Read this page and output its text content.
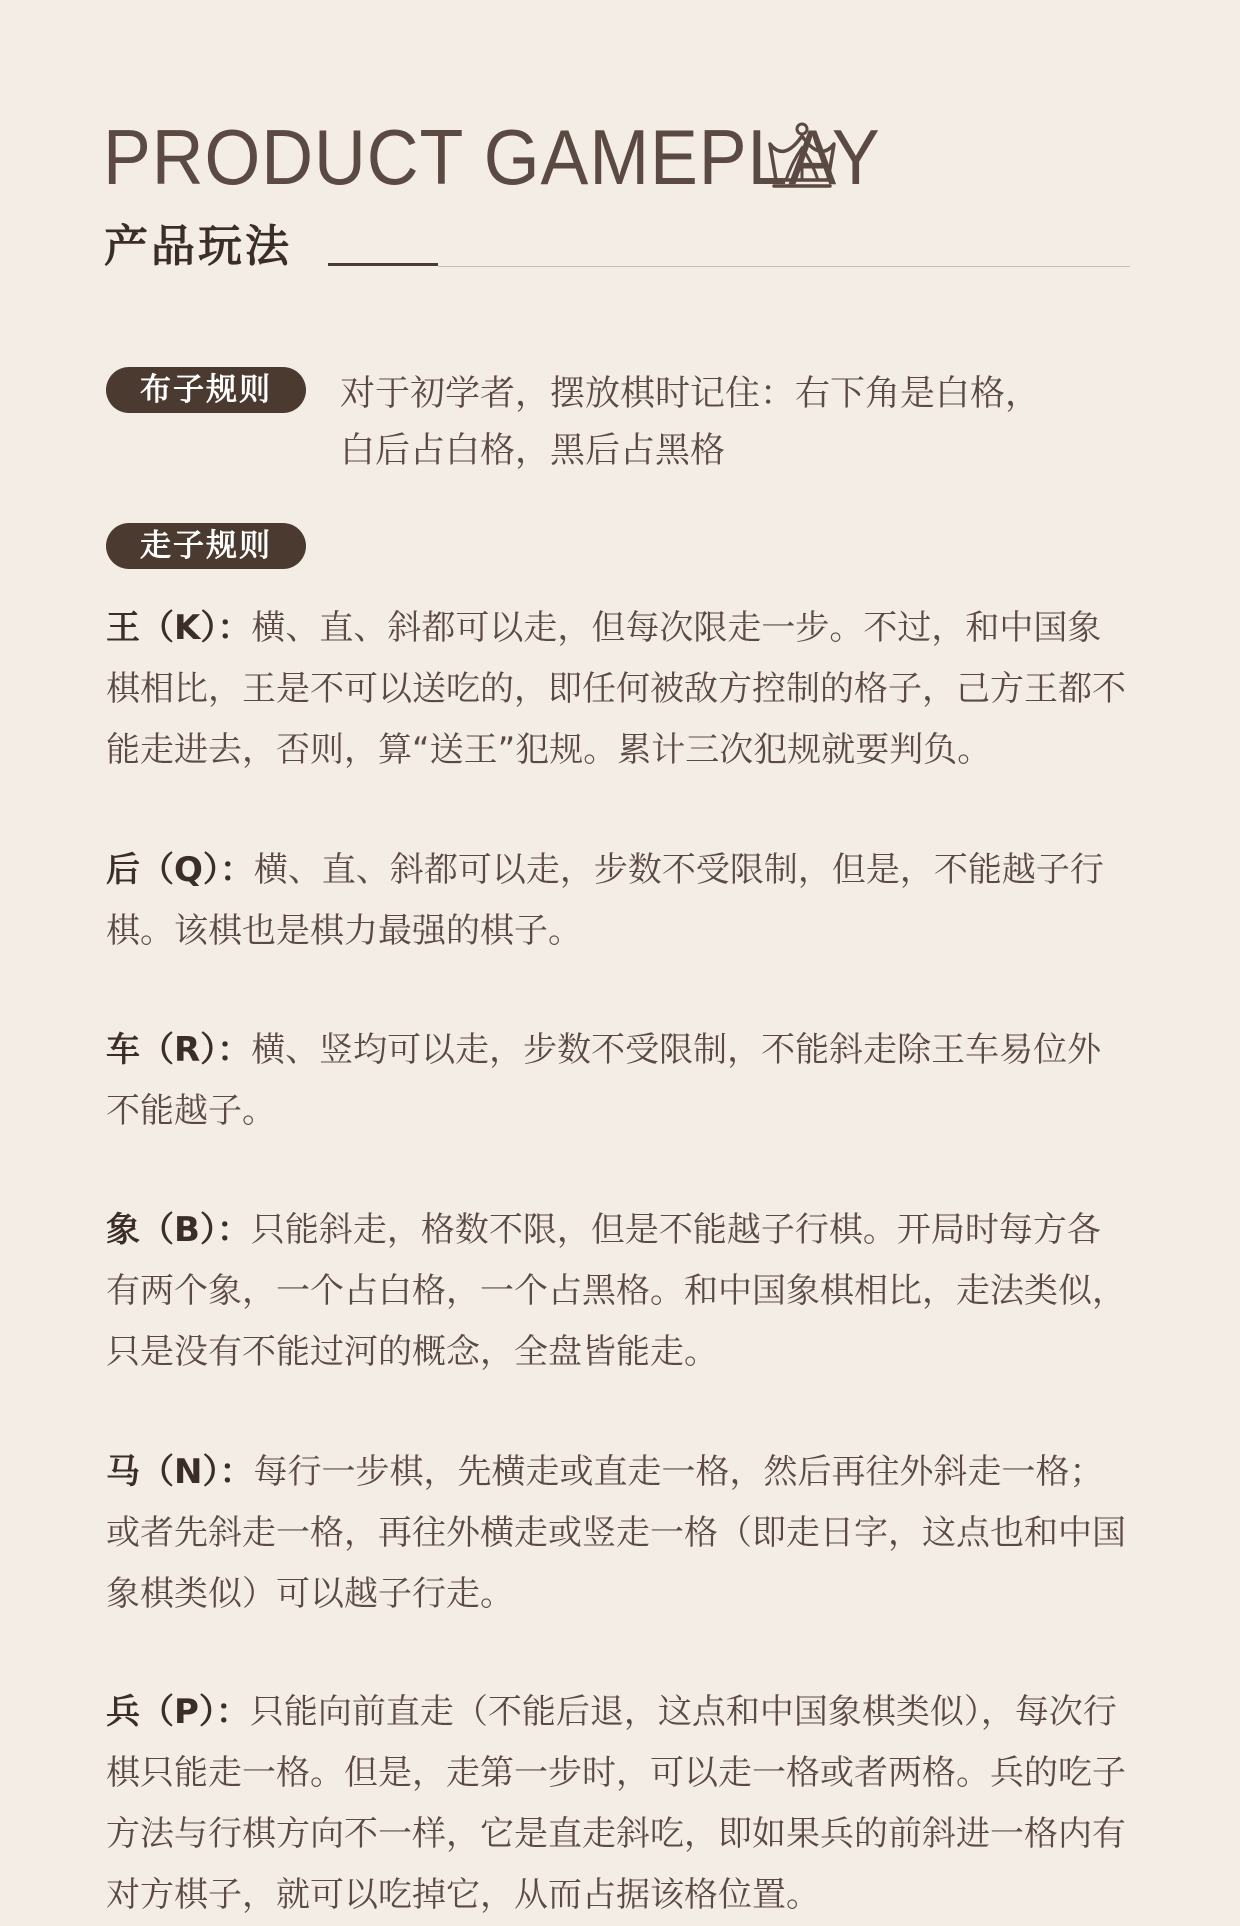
PRODUCT GAMEPLAY
产品玩法
布子规则	对于初学者，摆放棋时记住：右下角是白格，
白后占白格，黑后占黑格
走子规则
王（K）：横、直、斜都可以走，但每次限走一步。不过，和中国象棋相比，王是不可以送吃的，即任何被敌方控制的格子，己方王都不能走进去，否则，算“送王”犯规。累计三次犯规就要判负。
后（Q）：横、直、斜都可以走，步数不受限制，但是，不能越子行棋。该棋也是棋力最强的棋子。
车（R）：横、竖均可以走，步数不受限制，不能斜走除王车易位外不能越子。
象（B）：只能斜走，格数不限，但是不能越子行棋。开局时每方各有两个象，一个占白格，一个占黑格。和中国象棋相比，走法类似，只是没有不能过河的概念，全盘皆能走。
马（N）：每行一步棋，先横走或直走一格，然后再往外斜走一格；或者先斜走一格，再往外横走或竖走一格（即走日字，这点也和中国象棋类似）可以越子行走。
兵（P）：只能向前直走（不能后退，这点和中国象棋类似），每次行棋只能走一格。但是，走第一步时，可以走一格或者两格。兵的吃子方法与行棋方向不一样，它是直走斜吃，即如果兵的前斜进一格内有对方棋子，就可以吃掉它，从而占据该格位置。
